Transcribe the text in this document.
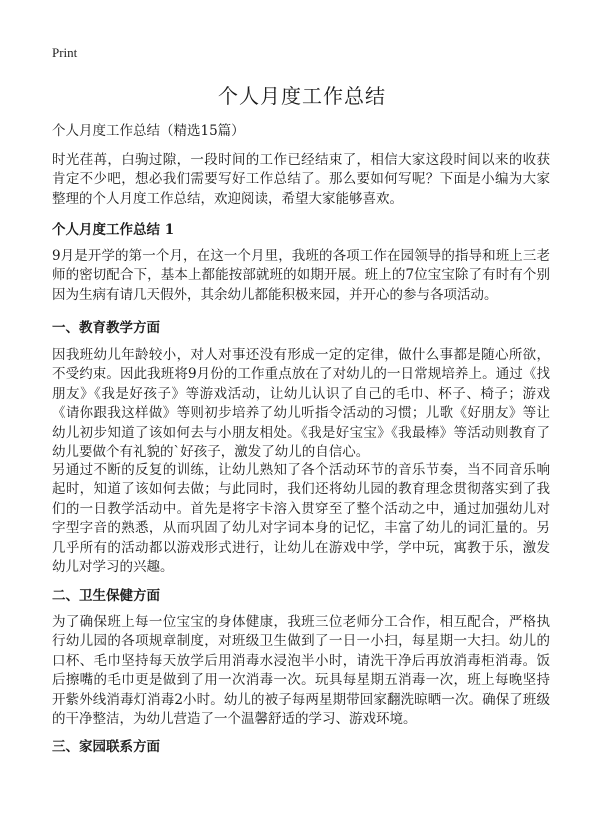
Print
个人月度工作总结

个人月度工作总结（精选15篇）

时光荏苒，白驹过隙，一段时间的工作已经结束了，相信大家这段时间以来的收获肯定不少吧，想必我们需要写好工作总结了。那么要如何写呢？下面是小编为大家整理的个人月度工作总结，欢迎阅读，希望大家能够喜欢。

个人月度工作总结 1

9月是开学的第一个月，在这一个月里，我班的各项工作在园领导的指导和班上三老师的密切配合下，基本上都能按部就班的如期开展。班上的7位宝宝除了有时有个别因为生病有请几天假外，其余幼儿都能积极来园，并开心的参与各项活动。

一、教育教学方面

因我班幼儿年龄较小，对人对事还没有形成一定的定律，做什么事都是随心所欲，不受约束。因此我班将9月份的工作重点放在了对幼儿的一日常规培养上。通过《找朋友》《我是好孩子》等游戏活动，让幼儿认识了自己的毛巾、杯子、椅子；游戏《请你跟我这样做》等则初步培养了幼儿听指令活动的习惯；儿歌《好朋友》等让幼儿初步知道了该如何去与小朋友相处。《我是好宝宝》《我最棒》等活动则教育了幼儿要做个有礼貌的`好孩子，激发了幼儿的自信心。

另通过不断的反复的训练，让幼儿熟知了各个活动环节的音乐节奏，当不同音乐响起时，知道了该如何去做；与此同时，我们还将幼儿园的教育理念贯彻落实到了我们的一日教学活动中。首先是将字卡溶入贯穿至了整个活动之中，通过加强幼儿对字型字音的熟悉，从而巩固了幼儿对字词本身的记忆，丰富了幼儿的词汇量的。另几乎所有的活动都以游戏形式进行，让幼儿在游戏中学，学中玩，寓教于乐，激发幼儿对学习的兴趣。

二、卫生保健方面

为了确保班上每一位宝宝的身体健康，我班三位老师分工合作，相互配合，严格执行幼儿园的各项规章制度，对班级卫生做到了一日一小扫，每星期一大扫。幼儿的口杯、毛巾坚持每天放学后用消毒水浸泡半小时，请洗干净后再放消毒柜消毒。饭后擦嘴的毛巾更是做到了用一次消毒一次。玩具每星期五消毒一次，班上每晚坚持开紫外线消毒灯消毒2小时。幼儿的被子每两星期带回家翻洗晾晒一次。确保了班级的干净整洁，为幼儿营造了一个温馨舒适的学习、游戏环境。

三、家园联系方面
